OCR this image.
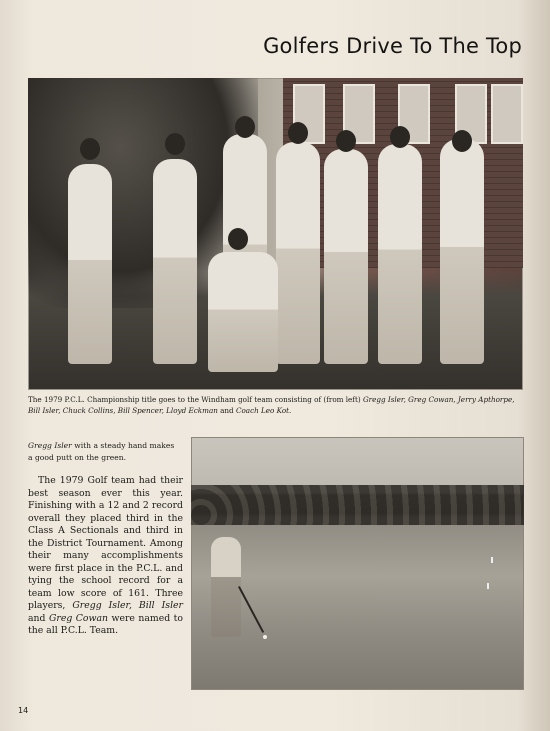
Golfers Drive To The Top
The 1979 P.C.L. Championship title goes to the Windham golf team consisting of (from left) Gregg Isler, Greg Cowan, Jerry Apthorpe, Bill Isler, Chuck Collins, Bill Spencer, Lloyd Eckman and Coach Leo Kot.
Gregg Isler with a steady hand makes a good putt on the green.
The 1979 Golf team had their best season ever this year. Finishing with a 12 and 2 record overall they placed third in the Class A Sectionals and third in the District Tournament. Among their many accomplishments were first place in the P.C.L. and tying the school record for a team low score of 161. Three players, Gregg Isler, Bill Isler and Greg Cowan were named to the all P.C.L. Team.
14
